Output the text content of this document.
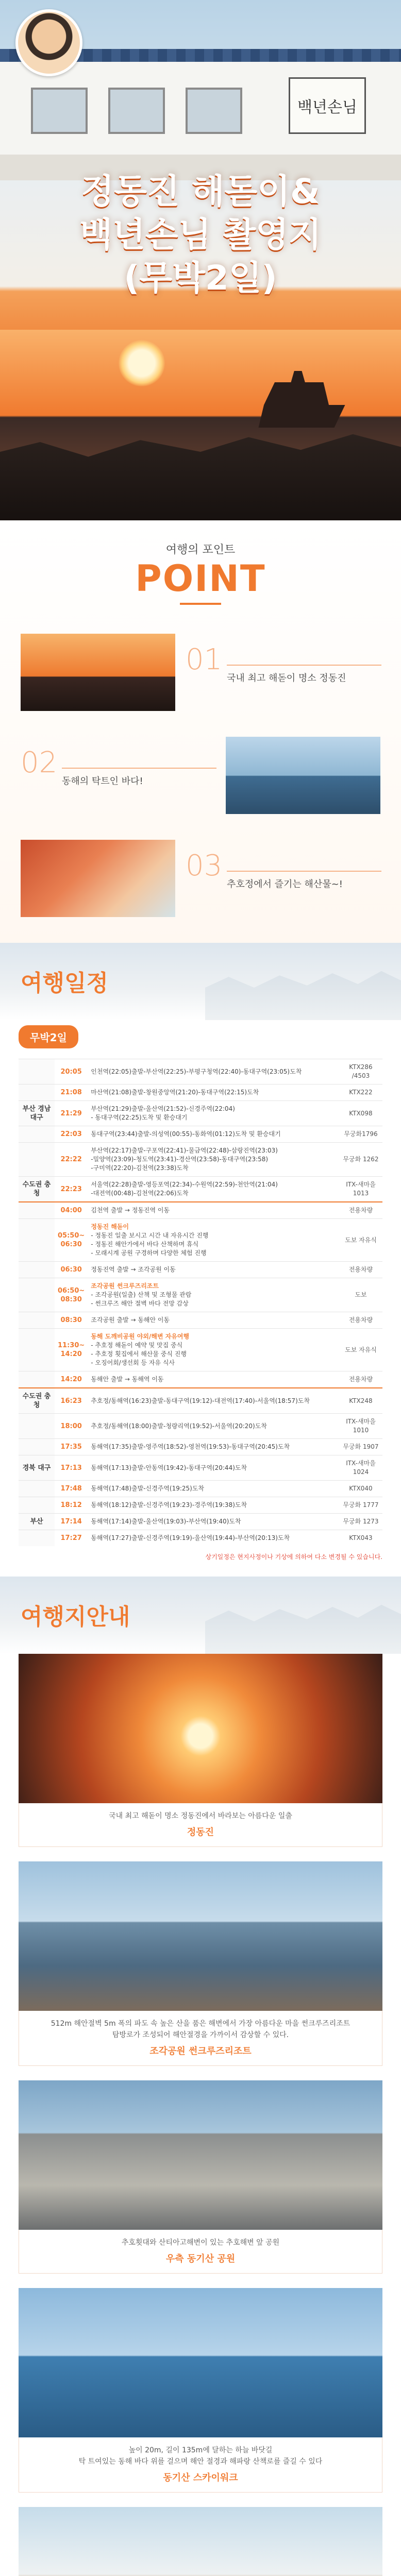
백년손님
정동진 해돋이&
백년손님 촬영지
(무박2일)
여행의 포인트
POINT
01
국내 최고 해돋이 명소 정동진
02
동해의 탁트인 바다!
03
추호정에서 즐기는 해산물~!
여행일정
무박2일
	20:05	인천역(22:05)출발-부산역(22:25)-부평구청역(22:40)-동대구역(23:05)도착	KTX286 /4503
	21:08	마산역(21:08)출발-창원중앙역(21:20)-동대구역(22:15)도착	KTX222
부산 경남 대구	21:29	부산역(21:29)출발-울산역(21:52)-신경주역(22:04)
- 동대구역(22:25)도착 및 환승대기	KTX098
	22:03	동대구역(23:44)출발-의성역(00:55)-동화역(01:12)도착 및 환승대기	무궁화1796
	22:22	부산역(22:17)출발-구포역(22:41)-물금역(22:48)-삼랑진역(23:03)
-밀양역(23:09)-청도역(23:41)-경산역(23:58)-동대구역(23:58)
-구미역(22:20)-김천역(23:38)도착	무궁화 1262
수도권 충청	22:23	서울역(22:28)출발-영등포역(22:34)-수원역(22:59)-천안역(21:04)
-대전역(00:48)-김천역(22:06)도착	ITX-새마을 1013
	04:00	김천역 출발 → 정동진역 이동	전용차량
	05:50~ 06:30	정동진 해돋이
- 정동진 일출 보시고 시간 내 자유시간 진행
- 정동진 해안가에서 바다 산책하며 휴식
- 모래시계 공원 구경하며 다양한 체험 진행	도보 자유식
	06:30	정동진역 출발 → 조각공원 이동	전용차량
	06:50~ 08:30	조각공원 썬크루즈리조트
- 조각공원(일출) 산책 및 조형물 관람
- 썬크루즈 해안 절벽 바다 전망 감상	도보
	08:30	조각공원 출발 → 동해안 이동	전용차량
	11:30~ 14:20	동해 도깨비공원 야외/해변 자유여행
- 추호정 해돋이 예약 및 맛집 중식
- 추호정 횟집에서 해산물 중식 진행
- 오징어회/생선회 등 자유 식사	도보 자유식
	14:20	동해안 출발 → 동해역 이동	전용차량
수도권 충청	16:23	추호정/동해역(16:23)출발-동대구역(19:12)-대전역(17:40)-서울역(18:57)도착	KTX248
	18:00	추호정/동해역(18:00)출발-청량리역(19:52)-서울역(20:20)도착	ITX-새마을 1010
	17:35	동해역(17:35)출발-영주역(18:52)-영천역(19:53)-동대구역(20:45)도착	무궁화 1907
경북 대구	17:13	동해역(17:13)출발-안동역(19:42)-동대구역(20:44)도착	ITX-새마을 1024
	17:48	동해역(17:48)출발-신경주역(19:25)도착	KTX040
	18:12	동해역(18:12)출발-신경주역(19:23)-경주역(19:38)도착	무궁화 1777
부산	17:14	동해역(17:14)출발-울산역(19:03)-부산역(19:40)도착	무궁화 1273
	17:27	동해역(17:27)출발-신경주역(19:19)-울산역(19:44)-부산역(20:13)도착	KTX043
상기일정은 현지사정이나 기상에 의하여 다소 변경될 수 있습니다.
여행지안내
국내 최고 해돋이 명소 정동진에서 바라보는 아름다운 일출
정동진
512m 해안절벽 5m 폭의 파도 속 높은 산을 품은 해변에서 가장 아름다운 마을 썬크루즈리조트
탐방로가 조성되어 해안절경을 가까이서 감상할 수 있다.
조각공원 썬크루즈리조트
추호횟대와 산티아고해변이 있는 추호해변 앞 공원
우측 동기산 공원
높이 20m, 길이 135m에 달하는 하늘 바닷길
탁 트여있는 동해 바다 위를 걸으며 해안 절경과 해파랑 산책로를 즐길 수 있다
동기산 스카이워크
